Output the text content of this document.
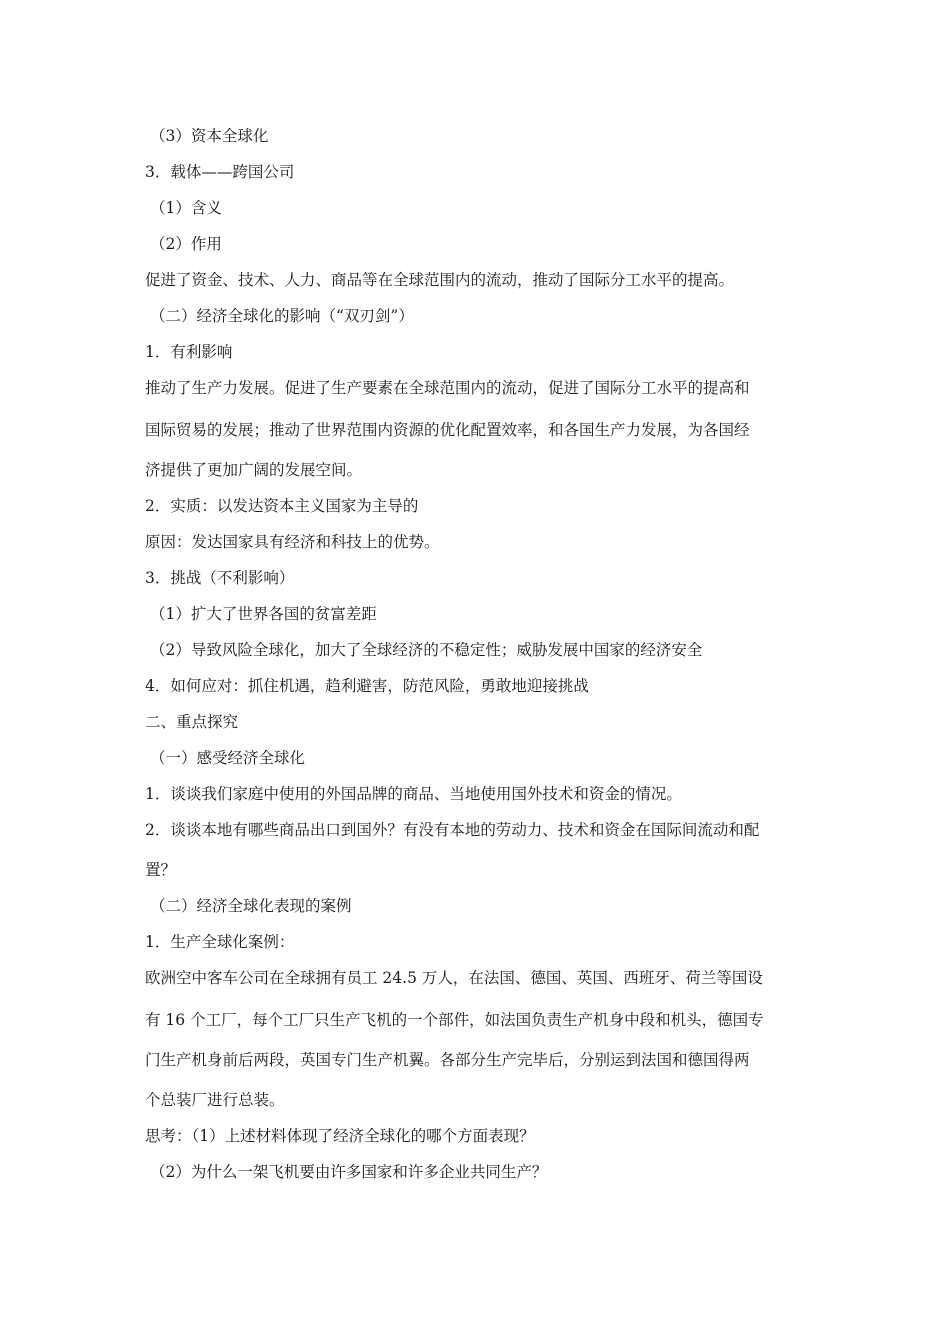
（3）资本全球化
3．载体——跨国公司
（1）含义
（2）作用
促进了资金、技术、人力、商品等在全球范围内的流动，推动了国际分工水平的提高。
（二）经济全球化的影响（“双刃剑”）
1．有利影响
推动了生产力发展。促进了生产要素在全球范围内的流动，促进了国际分工水平的提高和
国际贸易的发展；推动了世界范围内资源的优化配置效率，和各国生产力发展，为各国经
济提供了更加广阔的发展空间。
2．实质：以发达资本主义国家为主导的
原因：发达国家具有经济和科技上的优势。
3．挑战（不利影响）
（1）扩大了世界各国的贫富差距
（2）导致风险全球化，加大了全球经济的不稳定性；威胁发展中国家的经济安全
4．如何应对：抓住机遇，趋利避害，防范风险，勇敢地迎接挑战
二、重点探究
（一）感受经济全球化
1．谈谈我们家庭中使用的外国品牌的商品、当地使用国外技术和资金的情况。
2．谈谈本地有哪些商品出口到国外？有没有本地的劳动力、技术和资金在国际间流动和配
置？
（二）经济全球化表现的案例
1．生产全球化案例：
欧洲空中客车公司在全球拥有员工 24.5 万人，在法国、德国、英国、西班牙、荷兰等国设
有 16 个工厂，每个工厂只生产飞机的一个部件，如法国负责生产机身中段和机头，德国专
门生产机身前后两段，英国专门生产机翼。各部分生产完毕后，分别运到法国和德国得两
个总装厂进行总装。
思考：（1）上述材料体现了经济全球化的哪个方面表现？
（2）为什么一架飞机要由许多国家和许多企业共同生产？
